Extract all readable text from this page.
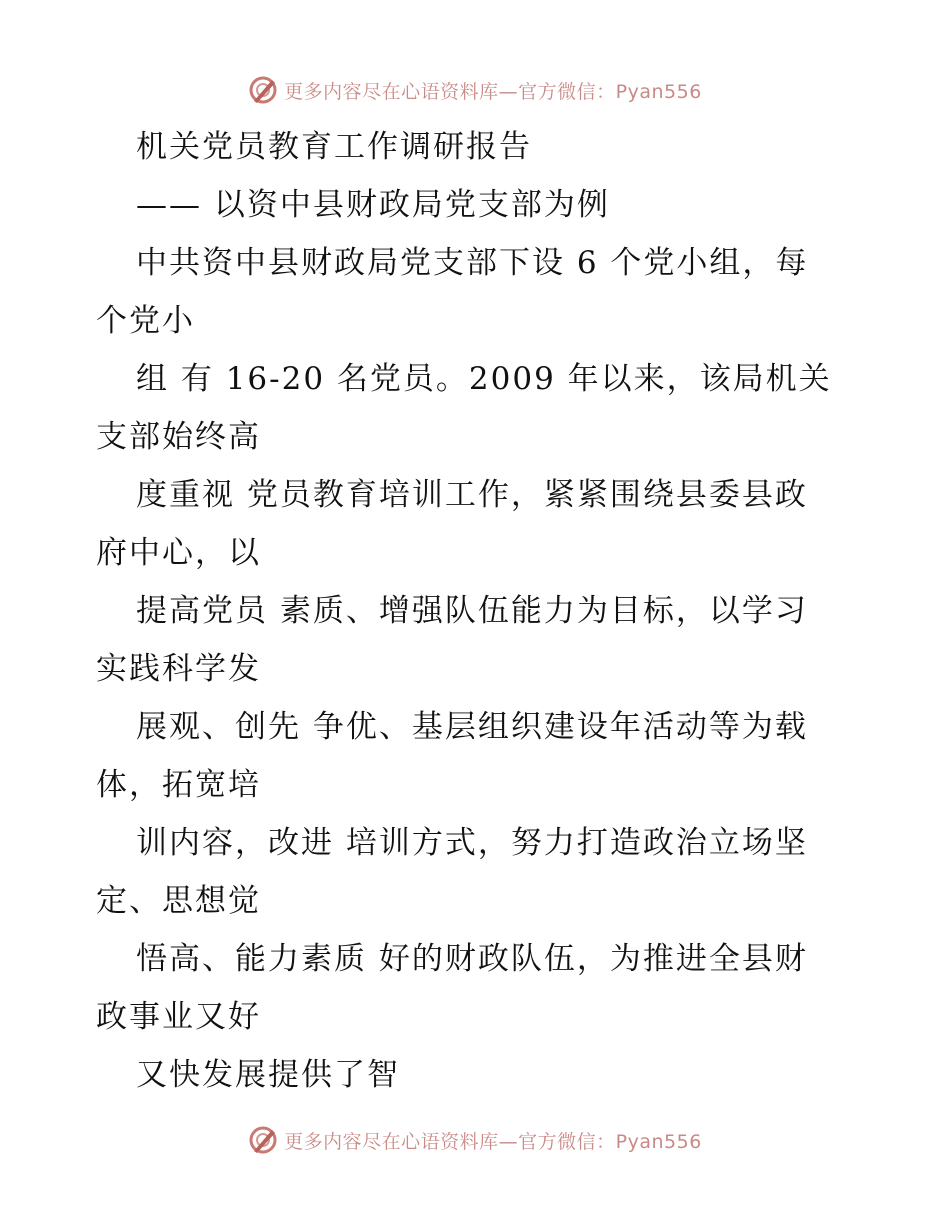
更多内容尽在心语资料库—官方微信：Pyan556
机关党员教育工作调研报告
—— 以资中县财政局党支部为例
中共资中县财政局党支部下设 6 个党小组，每
个党小
组 有 16-20 名党员。2009 年以来，该局机关
支部始终高
度重视 党员教育培训工作，紧紧围绕县委县政
府中心，以
提高党员 素质、增强队伍能力为目标，以学习
实践科学发
展观、创先 争优、基层组织建设年活动等为载
体，拓宽培
训内容，改进 培训方式，努力打造政治立场坚
定、思想觉
悟高、能力素质 好的财政队伍，为推进全县财
政事业又好
又快发展提供了智
更多内容尽在心语资料库—官方微信：Pyan556
